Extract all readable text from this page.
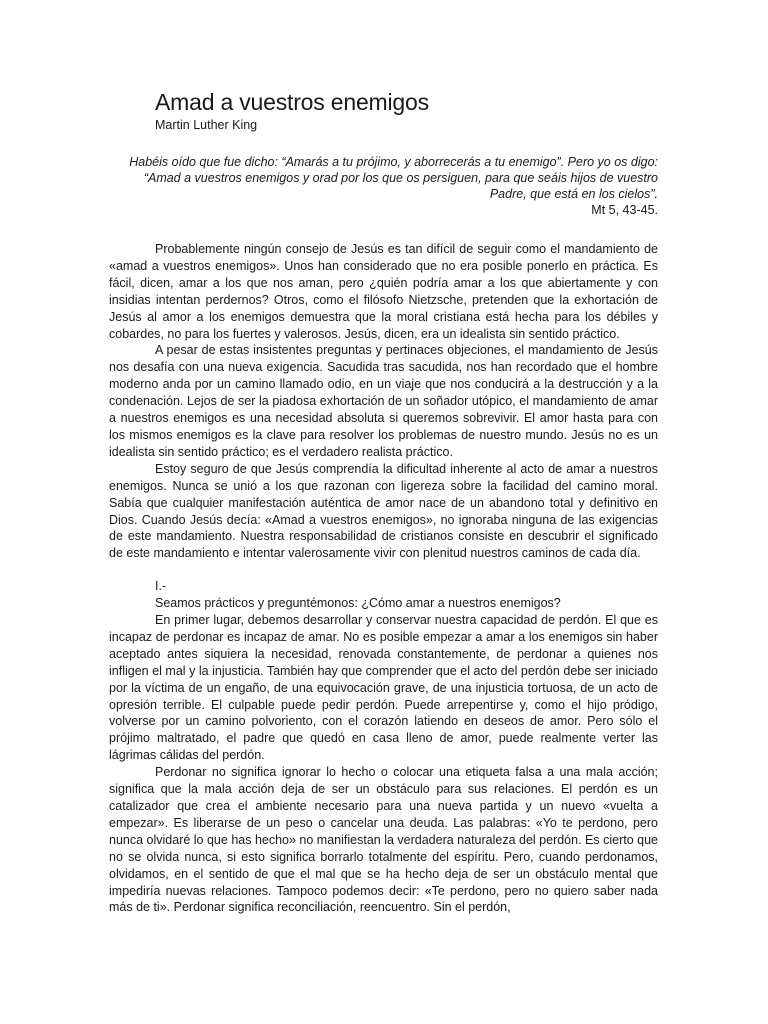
Amad a vuestros enemigos
Martin Luther King
Habéis oído que fue dicho: “Amarás a tu prójimo, y aborrecerás a tu enemigo”. Pero yo os digo: “Amad a vuestros enemigos y orad por los que os persiguen, para que seáis hijos de vuestro Padre, que está en los cielos”.
Mt 5, 43-45.

Probablemente ningún consejo de Jesús es tan difícil de seguir como el mandamiento de «amad a vuestros enemigos». Unos han considerado que no era posible ponerlo en práctica. Es fácil, dicen, amar a los que nos aman, pero ¿quién podría amar a los que abiertamente y con insidias intentan perdernos? Otros, como el filósofo Nietzsche, pretenden que la exhortación de Jesús al amor a los enemigos demuestra que la moral cristiana está hecha para los débiles y cobardes, no para los fuertes y valerosos. Jesús, dicen, era un idealista sin sentido práctico.

A pesar de estas insistentes preguntas y pertinaces objeciones, el mandamiento de Jesús nos desafía con una nueva exigencia. Sacudida tras sacudida, nos han recordado que el hombre moderno anda por un camino llamado odio, en un viaje que nos conducirá a la destrucción y a la condenación. Lejos de ser la piadosa exhortación de un soñador utópico, el mandamiento de amar a nuestros enemigos es una necesidad absoluta si queremos sobrevivir. El amor hasta para con los mismos enemigos es la clave para resolver los problemas de nuestro mundo. Jesús no es un idealista sin sentido práctico; es el verdadero realista práctico.

Estoy seguro de que Jesús comprendía la dificultad inherente al acto de amar a nuestros enemigos. Nunca se unió a los que razonan con ligereza sobre la facilidad del camino moral. Sabía que cualquier manifestación auténtica de amor nace de un abandono total y definitivo en Dios. Cuando Jesús decía: «Amad a vuestros enemigos», no ignoraba ninguna de las exigencias de este mandamiento. Nuestra responsabilidad de cristianos consiste en descubrir el significado de este mandamiento e intentar valerosamente vivir con plenitud nuestros caminos de cada día.

I.-
Seamos prácticos y preguntémonos: ¿Cómo amar a nuestros enemigos?

En primer lugar, debemos desarrollar y conservar nuestra capacidad de perdón. El que es incapaz de perdonar es incapaz de amar. No es posible empezar a amar a los enemigos sin haber aceptado antes siquiera la necesidad, renovada constantemente, de perdonar a quienes nos infligen el mal y la injusticia. También hay que comprender que el acto del perdón debe ser iniciado por la víctima de un engaño, de una equivocación grave, de una injusticia tortuosa, de un acto de opresión terrible. El culpable puede pedir perdón. Puede arrepentirse y, como el hijo pródigo, volverse por un camino polvoriento, con el corazón latiendo en deseos de amor. Pero sólo el prójimo maltratado, el padre que quedó en casa lleno de amor, puede realmente verter las lágrimas cálidas del perdón.

Perdonar no significa ignorar lo hecho o colocar una etiqueta falsa a una mala acción; significa que la mala acción deja de ser un obstáculo para sus relaciones. El perdón es un catalizador que crea el ambiente necesario para una nueva partida y un nuevo «vuelta a empezar». Es liberarse de un peso o cancelar una deuda. Las palabras: «Yo te perdono, pero nunca olvidaré lo que has hecho» no manifiestan la verdadera naturaleza del perdón. Es cierto que no se olvida nunca, si esto significa borrarlo totalmente del espíritu. Pero, cuando perdonamos, olvidamos, en el sentido de que el mal que se ha hecho deja de ser un obstáculo mental que impediría nuevas relaciones. Tampoco podemos decir: «Te perdono, pero no quiero saber nada más de ti». Perdonar significa reconciliación, reencuentro. Sin el perdón,
